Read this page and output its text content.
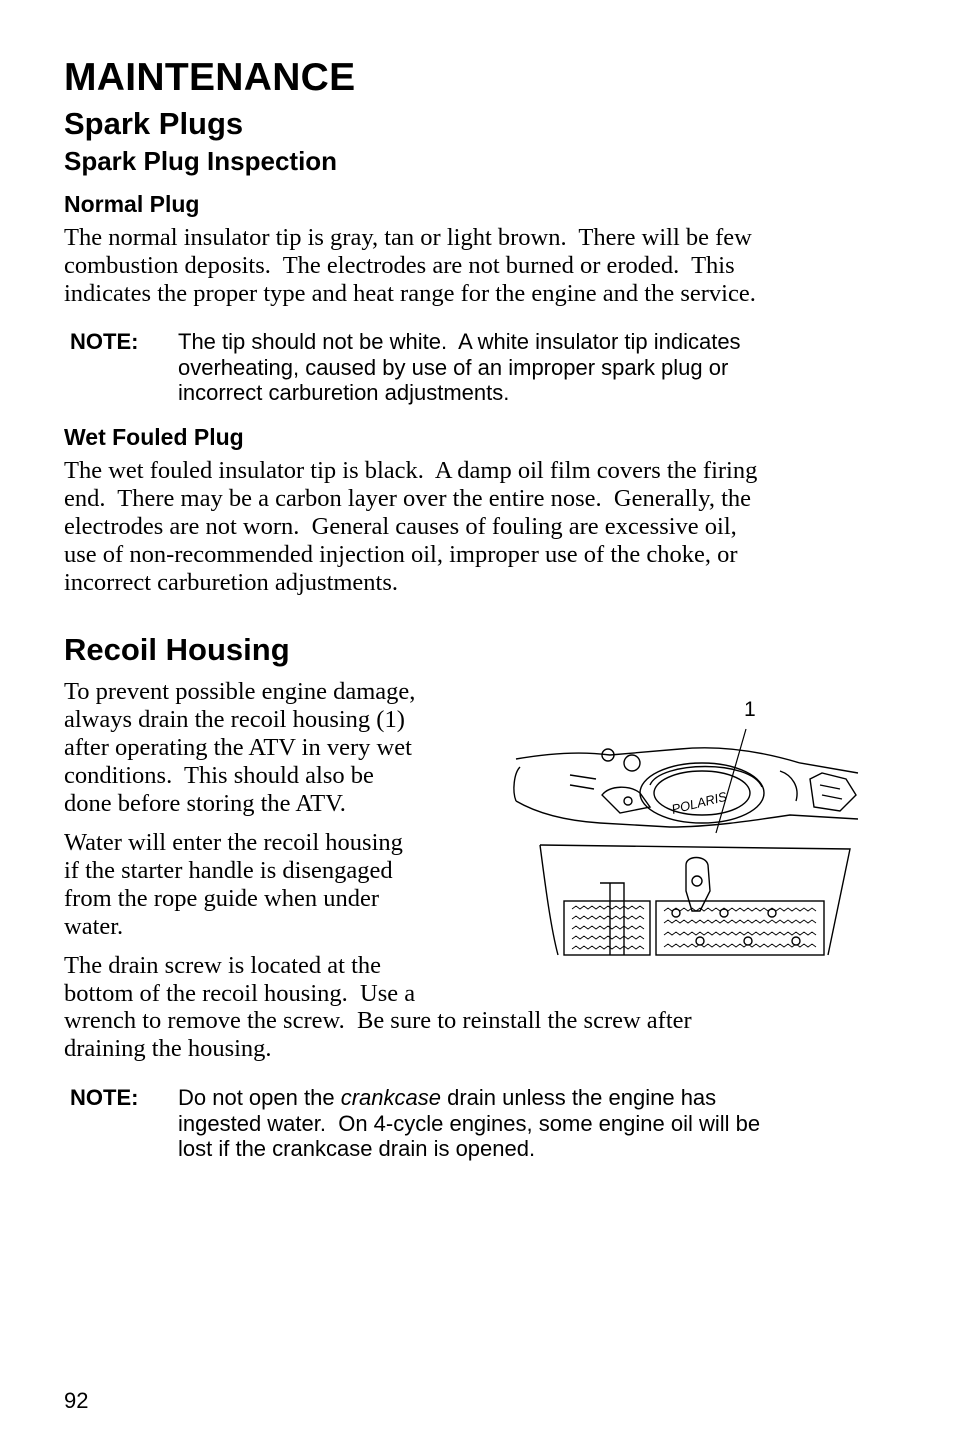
MAINTENANCE
Spark Plugs
Spark Plug Inspection
Normal Plug
The normal insulator tip is gray, tan or light brown.  There will be few
combustion deposits.  The electrodes are not burned or eroded.  This
indicates the proper type and heat range for the engine and the service.
NOTE: The tip should not be white.  A white insulator tip indicates
overheating, caused by use of an improper spark plug or
incorrect carburetion adjustments.
Wet Fouled Plug
The wet fouled insulator tip is black.  A damp oil film covers the firing
end.  There may be a carbon layer over the entire nose.  Generally, the
electrodes are not worn.  General causes of fouling are excessive oil,
use of non-recommended injection oil, improper use of the choke, or
incorrect carburetion adjustments.
Recoil Housing
To prevent possible engine damage,
always drain the recoil housing (1)
after operating the ATV in very wet
conditions.  This should also be
done before storing the ATV.
Water will enter the recoil housing
if the starter handle is disengaged
from the rope guide when under
water.
The drain screw is located at the
bottom of the recoil housing.  Use a
wrench to remove the screw.  Be sure to reinstall the screw after
draining the housing.
1
POLARIS
NOTE: Do not open the crankcase drain unless the engine has
ingested water.  On 4-cycle engines, some engine oil will be
lost if the crankcase drain is opened.
92
